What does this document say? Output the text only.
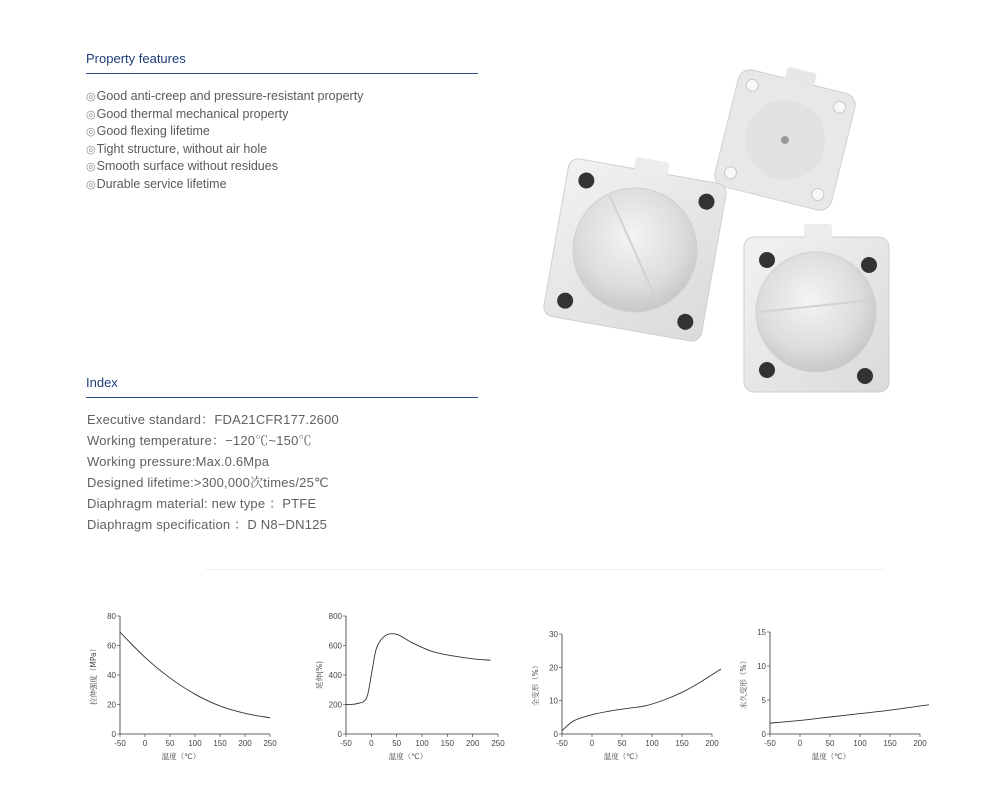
Property features
◎Good anti-creep and pressure-resistant property
◎Good thermal mechanical property
◎Good flexing lifetime
◎Tight structure, without air hole
◎Smooth surface without residues
◎Durable service lifetime
Index
Executive standard：FDA21CFR177.2600
Working temperature：−120℃~150℃
Working pressure:Max.0.6Mpa
Designed lifetime:>300,000次times/25℃
Diaphragm material: new type ：PTFE
Diaphragm specification ：D N8−DN125
-50 0 50 100 150 200 250
0
20
40
60
80
温度（℃）
拉伸强度（MPa）
-50 0 50 100 150 200 250
0
200
400
600
800
温度（℃）
延伸(%)
-50	0	50 100 150 200
0
10
20
30
温度（℃）
全变形（%）
-50	0	50 100 150 200
0
5
10
15
温度（℃）
永久变形（%）
